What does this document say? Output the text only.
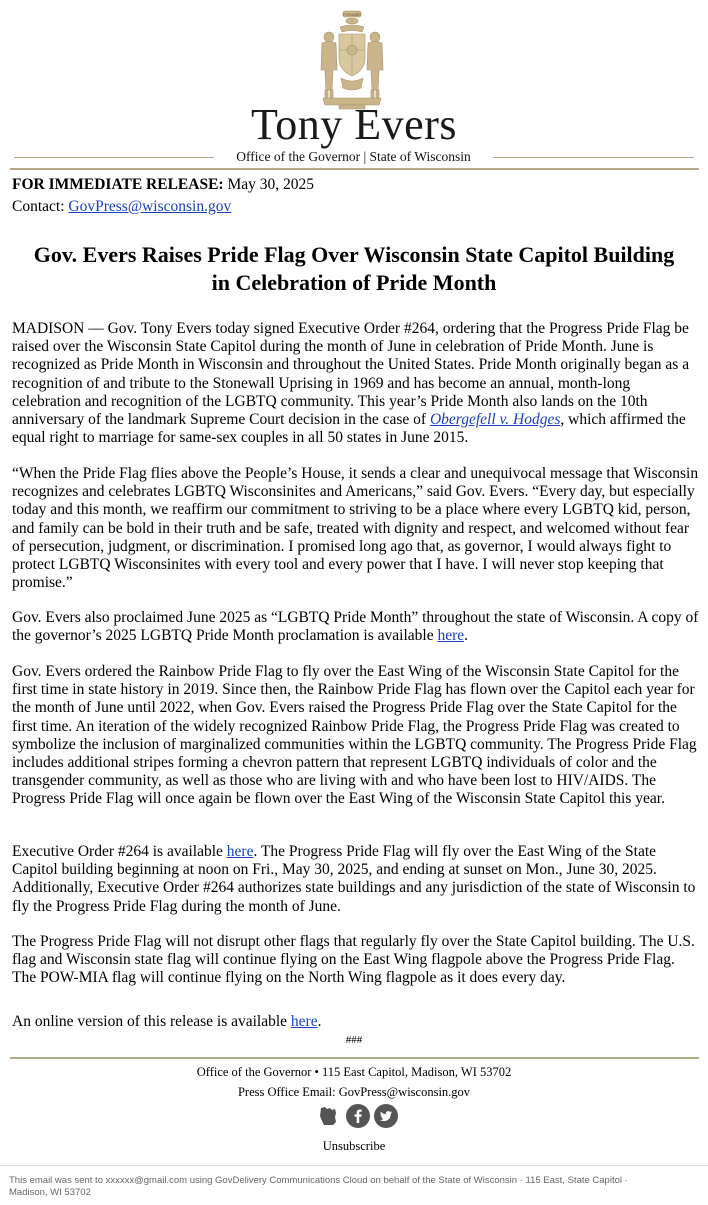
FORWARD
Tony Evers
Office of the Governor | State of Wisconsin
FOR IMMEDIATE RELEASE: May 30, 2025
Contact: GovPress@wisconsin.gov
Gov. Evers Raises Pride Flag Over Wisconsin State Capitol Building in Celebration of Pride Month

MADISON — Gov. Tony Evers today signed Executive Order #264, ordering that the Progress Pride Flag be raised over the Wisconsin State Capitol during the month of June in celebration of Pride Month. June is recognized as Pride Month in Wisconsin and throughout the United States. Pride Month originally began as a recognition of and tribute to the Stonewall Uprising in 1969 and has become an annual, month-long celebration and recognition of the LGBTQ community. This year’s Pride Month also lands on the 10th anniversary of the landmark Supreme Court decision in the case of Obergefell v. Hodges, which affirmed the equal right to marriage for same-sex couples in all 50 states in June 2015.

“When the Pride Flag flies above the People’s House, it sends a clear and unequivocal message that Wisconsin recognizes and celebrates LGBTQ Wisconsinites and Americans,” said Gov. Evers. “Every day, but especially today and this month, we reaffirm our commitment to striving to be a place where every LGBTQ kid, person, and family can be bold in their truth and be safe, treated with dignity and respect, and welcomed without fear of persecution, judgment, or discrimination. I promised long ago that, as governor, I would always fight to protect LGBTQ Wisconsinites with every tool and every power that I have. I will never stop keeping that promise.”

Gov. Evers also proclaimed June 2025 as “LGBTQ Pride Month” throughout the state of Wisconsin. A copy of the governor’s 2025 LGBTQ Pride Month proclamation is available here.

Gov. Evers ordered the Rainbow Pride Flag to fly over the East Wing of the Wisconsin State Capitol for the first time in state history in 2019. Since then, the Rainbow Pride Flag has flown over the Capitol each year for the month of June until 2022, when Gov. Evers raised the Progress Pride Flag over the State Capitol for the first time. An iteration of the widely recognized Rainbow Pride Flag, the Progress Pride Flag was created to symbolize the inclusion of marginalized communities within the LGBTQ community. The Progress Pride Flag includes additional stripes forming a chevron pattern that represent LGBTQ individuals of color and the transgender community, as well as those who are living with and who have been lost to HIV/AIDS. The Progress Pride Flag will once again be flown over the East Wing of the Wisconsin State Capitol this year.

Executive Order #264 is available here. The Progress Pride Flag will fly over the East Wing of the State Capitol building beginning at noon on Fri., May 30, 2025, and ending at sunset on Mon., June 30, 2025. Additionally, Executive Order #264 authorizes state buildings and any jurisdiction of the state of Wisconsin to fly the Progress Pride Flag during the month of June.

The Progress Pride Flag will not disrupt other flags that regularly fly over the State Capitol building. The U.S. flag and Wisconsin state flag will continue flying on the East Wing flagpole above the Progress Pride Flag. The POW-MIA flag will continue flying on the North Wing flagpole as it does every day.

An online version of this release is available here.

###
Office of the Governor • 115 East Capitol, Madison, WI 53702
Press Office Email: GovPress@wisconsin.gov
Unsubscribe
This email was sent to xxxxxx@gmail.com using GovDelivery Communications Cloud on behalf of the State of Wisconsin · 115 East, State Capitol · Madison, WI 53702
